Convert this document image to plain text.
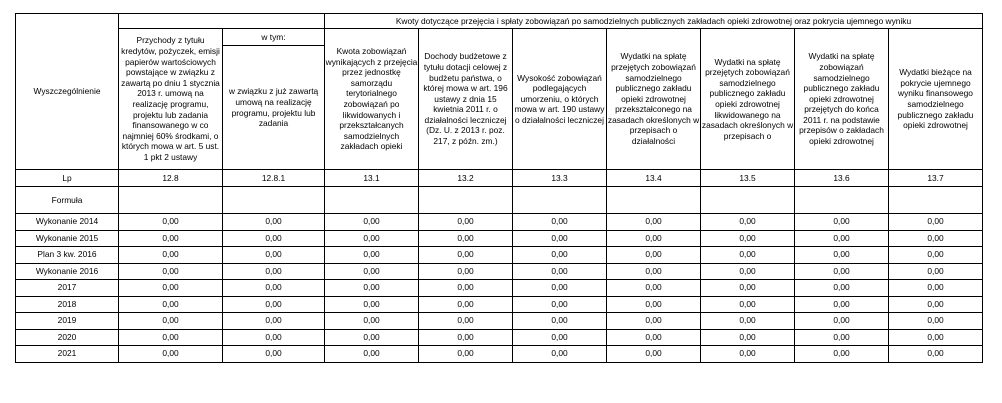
Wyszczególnienie			Kwoty dotyczące przejęcia i spłaty zobowiązań po samodzielnych publicznych zakładach opieki zdrowotnej oraz pokrycia ujemnego wyniku						
	Przychody z tytułu kredytów, pożyczek, emisji papierów wartościowych powstające w związku z zawartą po dniu 1 stycznia 2013 r. umową na realizację programu, projektu lub zadania finansowanego w co najmniej 60% środkami, o których mowa w art. 5 ust. 1 pkt 2 ustawy	w tym:	Kwota zobowiązań wynikających z przejęcia przez jednostkę samorządu terytorialnego zobowiązań po likwidowanych i przekształcanych samodzielnych zakładach opieki	Dochody budżetowe z tytułu dotacji celowej z budżetu państwa, o której mowa w art. 196 ustawy z dnia 15 kwietnia 2011 r. o działalności leczniczej (Dz. U. z 2013 r. poz. 217, z późn. zm.)	Wysokość zobowiązań podlegających umorzeniu, o których mowa w art. 190 ustawy o działalności leczniczej	Wydatki na spłatę przejętych zobowiązań samodzielnego publicznego zakładu opieki zdrowotnej przekształconego na zasadach określonych w przepisach o działalności	Wydatki na spłatę przejętych zobowiązań samodzielnego publicznego zakładu opieki zdrowotnej likwidowanego na zasadach określonych w przepisach o	Wydatki na spłatę zobowiązań samodzielnego publicznego zakładu opieki zdrowotnej przejętych do końca 2011 r. na podstawie przepisów o zakładach opieki zdrowotnej	Wydatki bieżące na pokrycie ujemnego wyniku finansowego samodzielnego publicznego zakładu opieki zdrowotnej
		w związku z już zawartą umową na realizację programu, projektu lub zadania							
Lp	12.8	12.8.1	13.1	13.2	13.3	13.4	13.5	13.6	13.7
Formuła									
Wykonanie 2014	0,00	0,00	0,00	0,00	0,00	0,00	0,00	0,00	0,00
Wykonanie 2015	0,00	0,00	0,00	0,00	0,00	0,00	0,00	0,00	0,00
Plan 3 kw. 2016	0,00	0,00	0,00	0,00	0,00	0,00	0,00	0,00	0,00
Wykonanie 2016	0,00	0,00	0,00	0,00	0,00	0,00	0,00	0,00	0,00
2017	0,00	0,00	0,00	0,00	0,00	0,00	0,00	0,00	0,00
2018	0,00	0,00	0,00	0,00	0,00	0,00	0,00	0,00	0,00
2019	0,00	0,00	0,00	0,00	0,00	0,00	0,00	0,00	0,00
2020	0,00	0,00	0,00	0,00	0,00	0,00	0,00	0,00	0,00
2021	0,00	0,00	0,00	0,00	0,00	0,00	0,00	0,00	0,00
